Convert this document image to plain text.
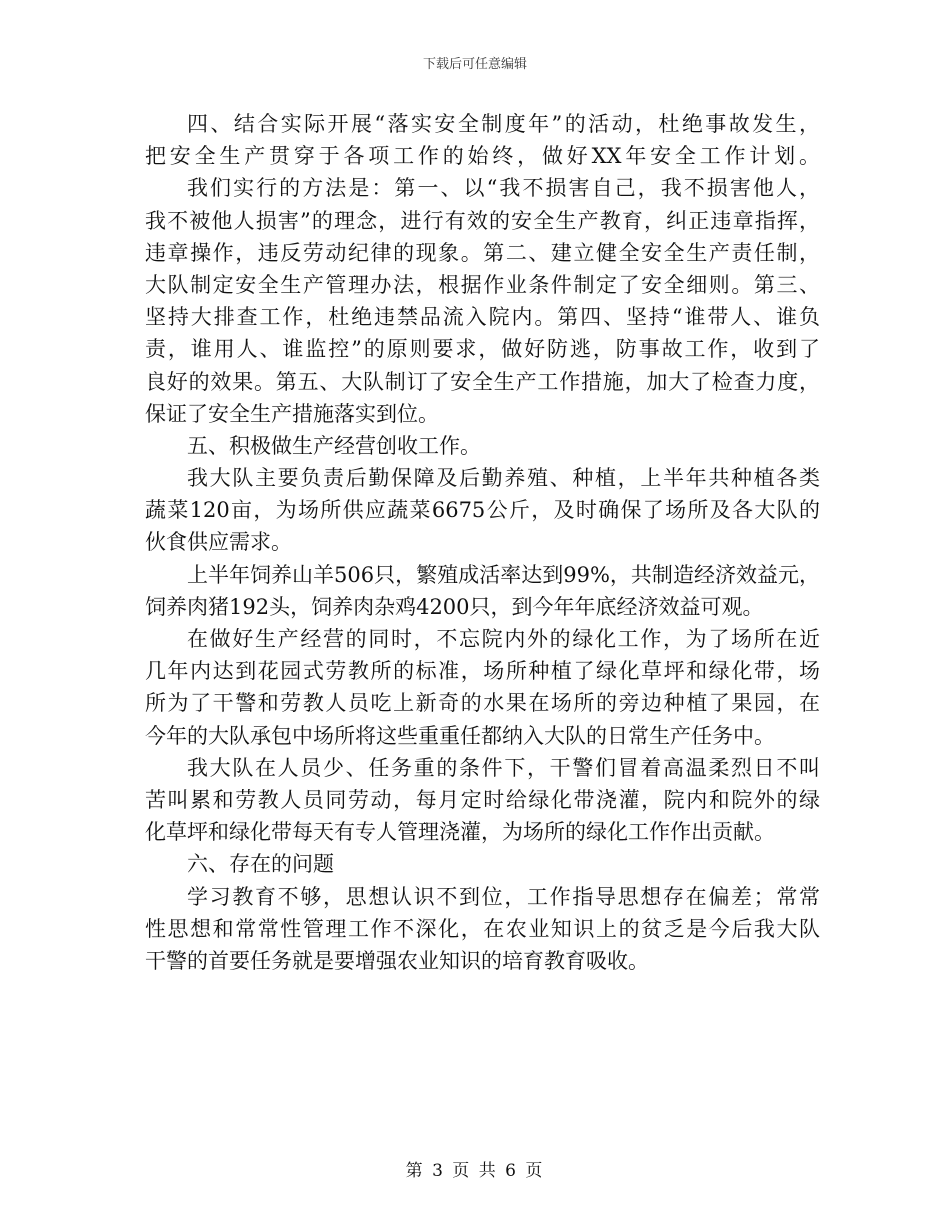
下载后可任意编辑
四、结合实际开展“落实安全制度年”的活动，杜绝事故发生，
把安全生产贯穿于各项工作的始终，做好XX年安全工作计划。
我们实行的方法是：第一、以“我不损害自己，我不损害他人，
我不被他人损害”的理念，进行有效的安全生产教育，纠正违章指挥，
违章操作，违反劳动纪律的现象。第二、建立健全安全生产责任制，
大队制定安全生产管理办法，根据作业条件制定了安全细则。第三、
坚持大排查工作，杜绝违禁品流入院内。第四、坚持“谁带人、谁负
责，谁用人、谁监控”的原则要求，做好防逃，防事故工作，收到了
良好的效果。第五、大队制订了安全生产工作措施，加大了检查力度，
保证了安全生产措施落实到位。
五、积极做生产经营创收工作。
我大队主要负责后勤保障及后勤养殖、种植，上半年共种植各类
蔬菜120亩，为场所供应蔬菜6675公斤，及时确保了场所及各大队的
伙食供应需求。
上半年饲养山羊506只，繁殖成活率达到99%，共制造经济效益元，
饲养肉猪192头，饲养肉杂鸡4200只，到今年年底经济效益可观。
在做好生产经营的同时，不忘院内外的绿化工作，为了场所在近
几年内达到花园式劳教所的标准，场所种植了绿化草坪和绿化带，场
所为了干警和劳教人员吃上新奇的水果在场所的旁边种植了果园，在
今年的大队承包中场所将这些重重任都纳入大队的日常生产任务中。
我大队在人员少、任务重的条件下，干警们冒着高温柔烈日不叫
苦叫累和劳教人员同劳动，每月定时给绿化带浇灌，院内和院外的绿
化草坪和绿化带每天有专人管理浇灌，为场所的绿化工作作出贡献。
六、存在的问题
学习教育不够，思想认识不到位，工作指导思想存在偏差；常常
性思想和常常性管理工作不深化，在农业知识上的贫乏是今后我大队
干警的首要任务就是要增强农业知识的培育教育吸收。
第 3 页 共 6 页
